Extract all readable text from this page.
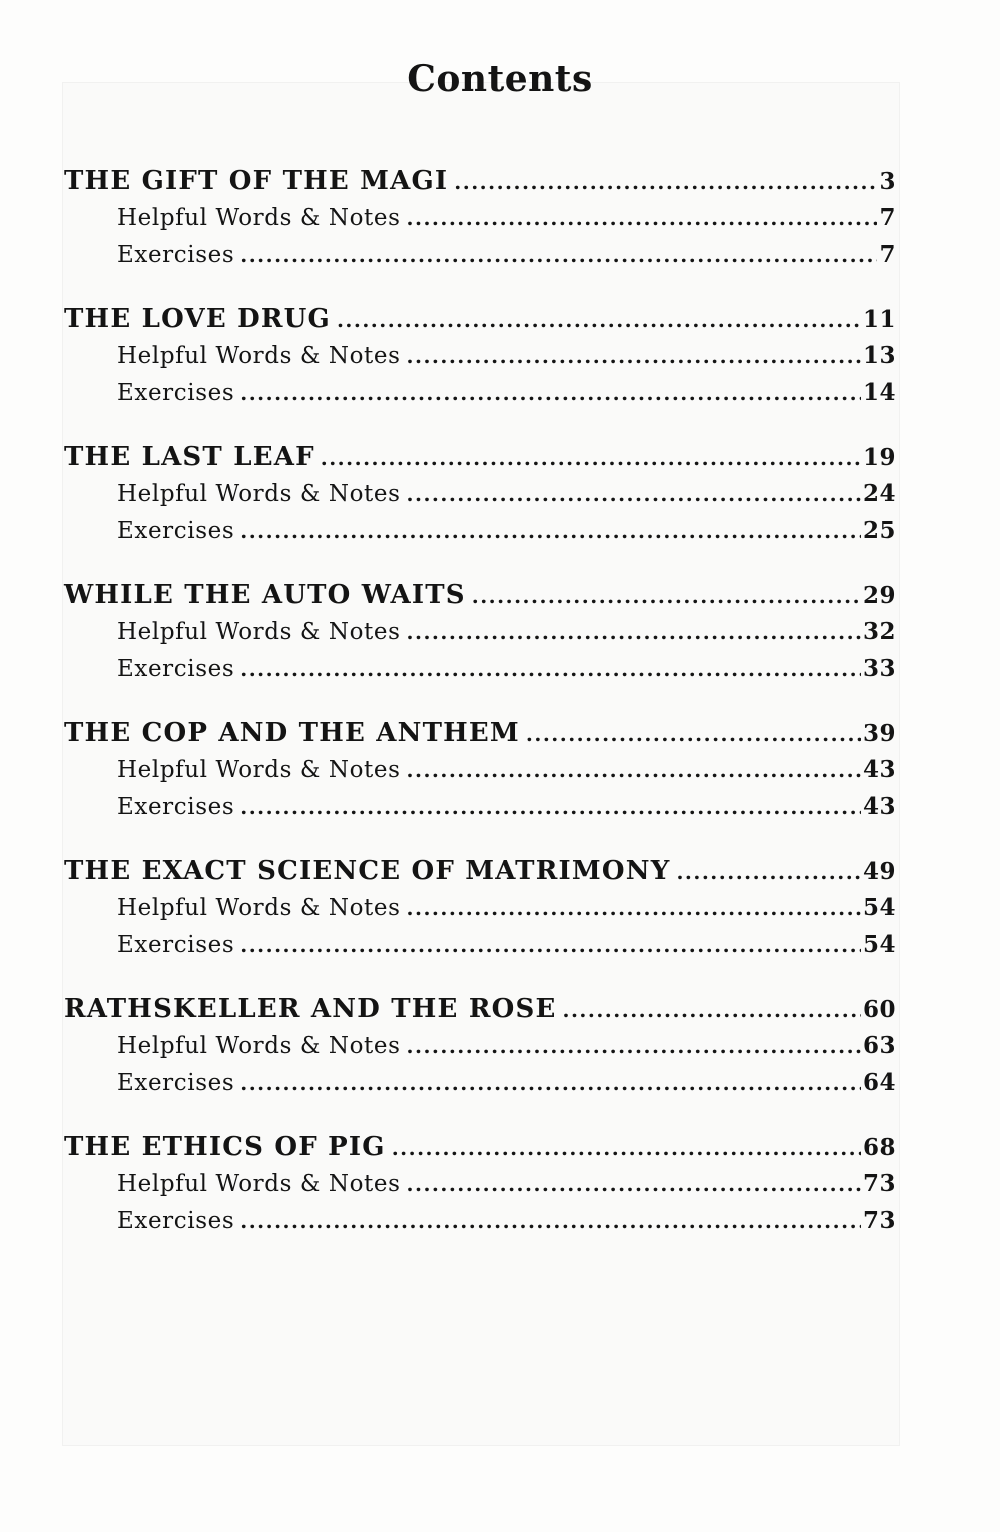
Contents
THE GIFT OF THE MAGI .....	3
Helpful Words & Notes .....	7
Exercises .....	7
THE LOVE DRUG .....	11
Helpful Words & Notes .....	13
Exercises .....	14
THE LAST LEAF .....	19
Helpful Words & Notes .....	24
Exercises .....	25
WHILE THE AUTO WAITS .....	29
Helpful Words & Notes .....	32
Exercises .....	33
THE COP AND THE ANTHEM .....	39
Helpful Words & Notes .....	43
Exercises .....	43
THE EXACT SCIENCE OF MATRIMONY .....	49
Helpful Words & Notes .....	54
Exercises .....	54
RATHSKELLER AND THE ROSE .....	60
Helpful Words & Notes .....	63
Exercises .....	64
THE ETHICS OF PIG .....	68
Helpful Words & Notes .....	73
Exercises .....	73
